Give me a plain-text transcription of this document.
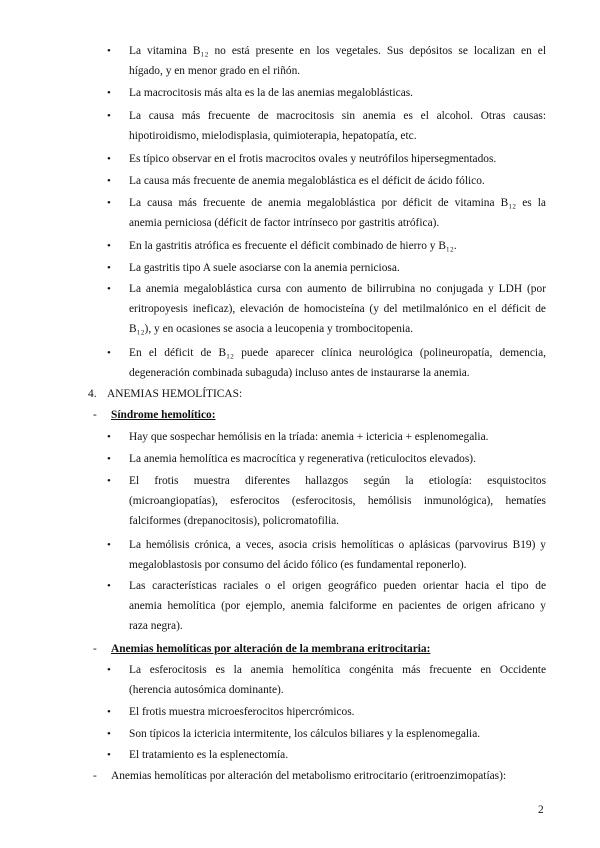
• La vitamina B₁₂ no está presente en los vegetales. Sus depósitos se localizan en el
hígado, y en menor grado en el riñón.
• La macrocitosis más alta es la de las anemias megaloblásticas.
• La causa más frecuente de macrocitosis sin anemia es el alcohol. Otras causas:
hipotiroidismo, mielodisplasia, quimioterapia, hepatopatía, etc.
• Es típico observar en el frotis macrocitos ovales y neutrófilos hipersegmentados.
• La causa más frecuente de anemia megaloblástica es el déficit de ácido fólico.
• La causa más frecuente de anemia megaloblástica por déficit de vitamina B₁₂ es la
anemia perniciosa (déficit de factor intrínseco por gastritis atrófica).
• En la gastritis atrófica es frecuente el déficit combinado de hierro y B₁₂.
• La gastritis tipo A suele asociarse con la anemia perniciosa.
• La anemia megaloblástica cursa con aumento de bilirrubina no conjugada y LDH (por
eritropoyesis ineficaz), elevación de homocisteína (y del metilmalónico en el déficit de
B₁₂), y en ocasiones se asocia a leucopenia y trombocitopenia.
• En el déficit de B₁₂ puede aparecer clínica neurológica (polineuropatía, demencia,
degeneración combinada subaguda) incluso antes de instaurarse la anemia.
4. ANEMIAS HEMOLÍTICAS:
- Síndrome hemolítico:
• Hay que sospechar hemólisis en la tríada: anemia + ictericia + esplenomegalia.
• La anemia hemolítica es macrocítica y regenerativa (reticulocitos elevados).
• El frotis muestra diferentes hallazgos según la etiología: esquistocitos
(microangiopatías), esferocitos (esferocitosis, hemólisis inmunológica), hematíes
falciformes (drepanocitosis), policromatofilia.
• La hemólisis crónica, a veces, asocia crisis hemolíticas o aplásicas (parvovirus B19) y
megaloblastosis por consumo del ácido fólico (es fundamental reponerlo).
• Las características raciales o el origen geográfico pueden orientar hacia el tipo de
anemia hemolítica (por ejemplo, anemia falciforme en pacientes de origen africano y
raza negra).
- Anemias hemolíticas por alteración de la membrana eritrocitaria:
• La esferocitosis es la anemia hemolítica congénita más frecuente en Occidente
(herencia autosómica dominante).
• El frotis muestra microesferocitos hipercrómicos.
• Son típicos la ictericia intermitente, los cálculos biliares y la esplenomegalia.
• El tratamiento es la esplenectomía.
- Anemias hemolíticas por alteración del metabolismo eritrocitario (eritroenzimopatías):
2
